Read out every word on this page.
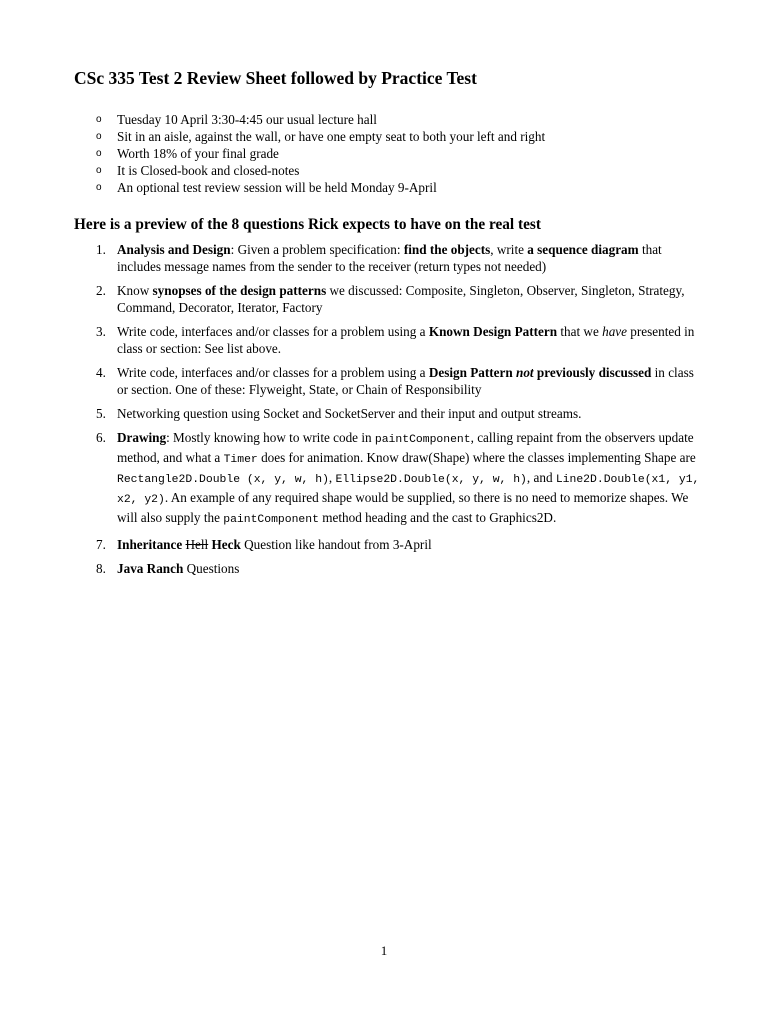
CSc 335 Test 2 Review Sheet followed by Practice Test
o Tuesday 10 April 3:30-4:45 our usual lecture hall
o Sit in an aisle, against the wall, or have one empty seat to both your left and right
o Worth 18% of your final grade
o It is Closed-book and closed-notes
o An optional test review session will be held Monday 9-April
Here is a preview of the 8 questions Rick expects to have on the real test
1. Analysis and Design: Given a problem specification: find the objects, write a sequence diagram that includes message names from the sender to the receiver (return types not needed)
2. Know synopses of the design patterns we discussed: Composite, Singleton, Observer, Singleton, Strategy, Command, Decorator, Iterator, Factory
3. Write code, interfaces and/or classes for a problem using a Known Design Pattern that we have presented in class or section: See list above.
4. Write code, interfaces and/or classes for a problem using a Design Pattern not previously discussed in class or section. One of these: Flyweight, State, or Chain of Responsibility
5. Networking question using Socket and SocketServer and their input and output streams.
6. Drawing: Mostly knowing how to write code in paintComponent, calling repaint from the observers update method, and what a Timer does for animation. Know draw(Shape) where the classes implementing Shape are Rectangle2D.Double (x, y, w, h), Ellipse2D.Double(x, y, w, h), and Line2D.Double(x1, y1, x2, y2). An example of any required shape would be supplied, so there is no need to memorize shapes. We will also supply the paintComponent method heading and the cast to Graphics2D.
7. Inheritance Hell Heck Question like handout from 3-April
8. Java Ranch Questions
1
